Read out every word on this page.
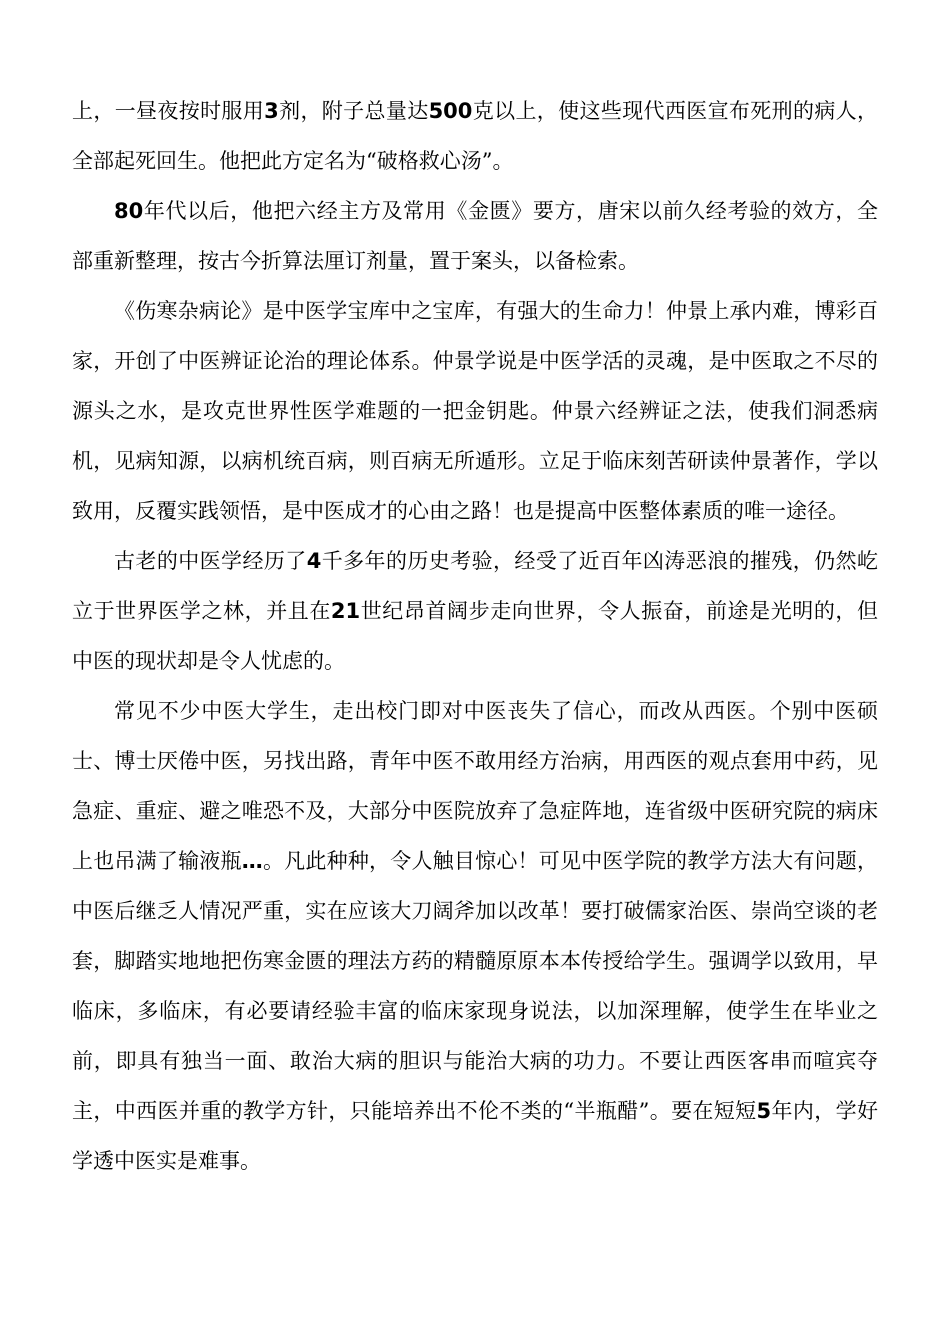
上，一昼夜按时服用3剂，附子总量达500克以上，使这些现代西医宣布死刑的病人，全部起死回生。他把此方定名为“破格救心汤”。

80年代以后，他把六经主方及常用《金匮》要方，唐宋以前久经考验的效方，全部重新整理，按古今折算法厘订剂量，置于案头，以备检索。

《伤寒杂病论》是中医学宝库中之宝库，有强大的生命力！仲景上承内难，博彩百家，开创了中医辨证论治的理论体系。仲景学说是中医学活的灵魂，是中医取之不尽的源头之水，是攻克世界性医学难题的一把金钥匙。仲景六经辨证之法，使我们洞悉病机，见病知源，以病机统百病，则百病无所遁形。立足于临床刻苦研读仲景著作，学以致用，反覆实践领悟，是中医成才的心由之路！也是提高中医整体素质的唯一途径。

古老的中医学经历了4千多年的历史考验，经受了近百年凶涛恶浪的摧残，仍然屹立于世界医学之林，并且在21世纪昂首阔步走向世界，令人振奋，前途是光明的，但中医的现状却是令人忧虑的。

常见不少中医大学生，走出校门即对中医丧失了信心，而改从西医。个别中医硕士、博士厌倦中医，另找出路，青年中医不敢用经方治病，用西医的观点套用中药，见急症、重症、避之唯恐不及，大部分中医院放弃了急症阵地，连省级中医研究院的病床上也吊满了输液瓶…。凡此种种，令人触目惊心！可见中医学院的教学方法大有问题，中医后继乏人情况严重，实在应该大刀阔斧加以改革！要打破儒家治医、崇尚空谈的老套，脚踏实地地把伤寒金匮的理法方药的精髓原原本本传授给学生。强调学以致用，早临床，多临床，有必要请经验丰富的临床家现身说法，以加深理解，使学生在毕业之前，即具有独当一面、敢治大病的胆识与能治大病的功力。不要让西医客串而喧宾夺主，中西医并重的教学方针，只能培养出不伦不类的“半瓶醋”。要在短短5年内，学好学透中医实是难事。
